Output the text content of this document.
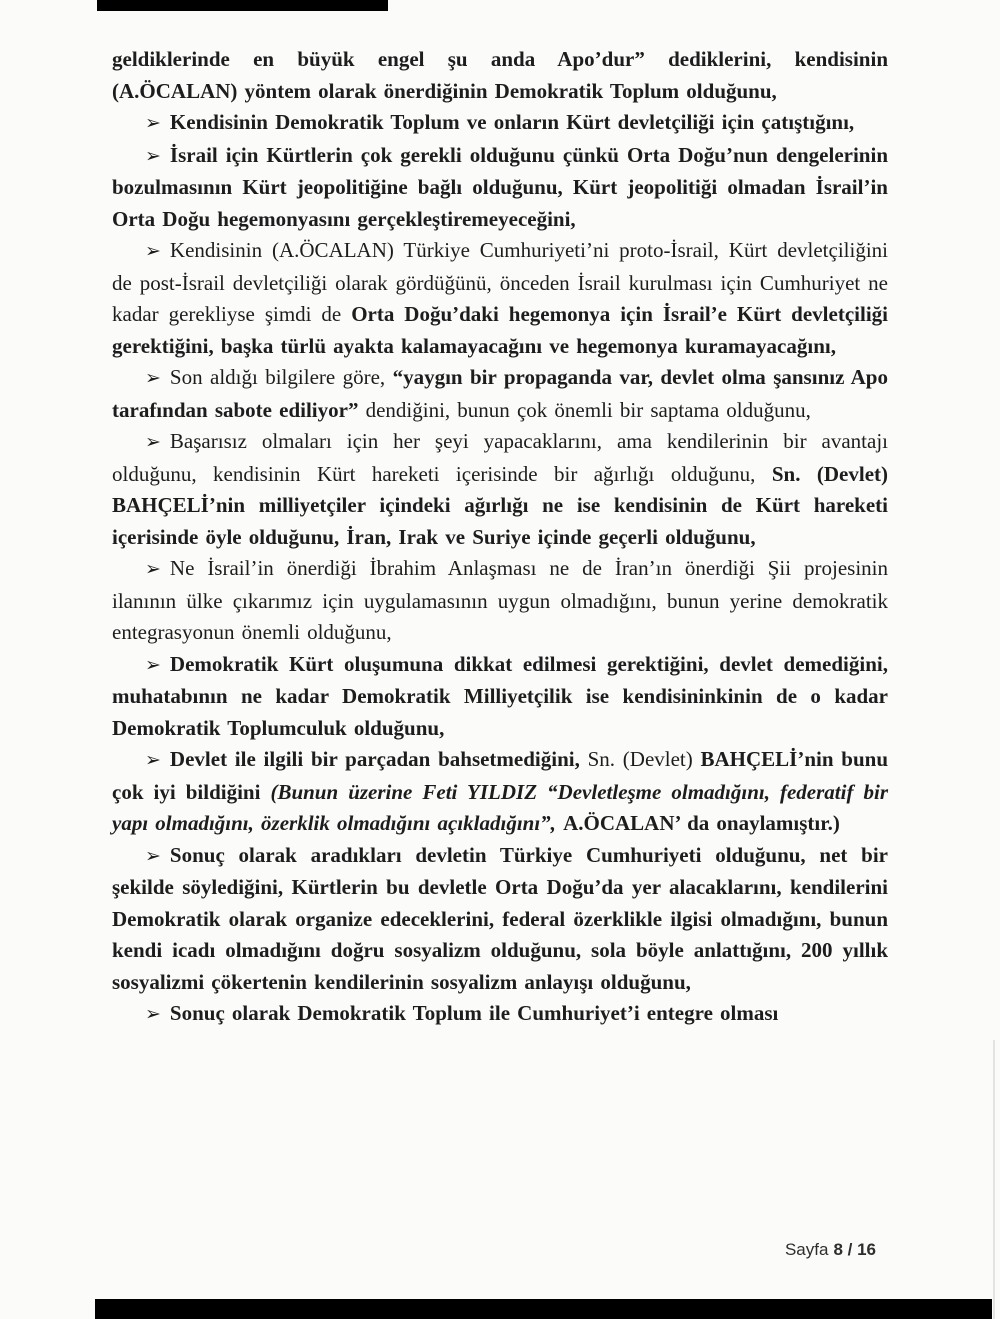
geldiklerinde en büyük engel şu anda Apo’dur” dediklerini, kendisinin (A.ÖCALAN) yöntem olarak önerdiğinin Demokratik Toplum olduğunu,

➢ Kendisinin Demokratik Toplum ve onların Kürt devletçiliği için çatıştığını,

➢ İsrail için Kürtlerin çok gerekli olduğunu çünkü Orta Doğu’nun dengelerinin bozulmasının Kürt jeopolitiğine bağlı olduğunu, Kürt jeopolitiği olmadan İsrail’in Orta Doğu hegemonyasını gerçekleştiremeyeceğini,

➢ Kendisinin (A.ÖCALAN) Türkiye Cumhuriyeti’ni proto-İsrail, Kürt devletçiliğini de post-İsrail devletçiliği olarak gördüğünü, önceden İsrail kurulması için Cumhuriyet ne kadar gerekliyse şimdi de Orta Doğu’daki hegemonya için İsrail’e Kürt devletçiliği gerektiğini, başka türlü ayakta kalamayacağını ve hegemonya kuramayacağını,

➢ Son aldığı bilgilere göre, “yaygın bir propaganda var, devlet olma şansınız Apo tarafından sabote ediliyor” dendiğini, bunun çok önemli bir saptama olduğunu,

➢ Başarısız olmaları için her şeyi yapacaklarını, ama kendilerinin bir avantajı olduğunu, kendisinin Kürt hareketi içerisinde bir ağırlığı olduğunu, Sn. (Devlet) BAHÇELİ’nin milliyetçiler içindeki ağırlığı ne ise kendisinin de Kürt hareketi içerisinde öyle olduğunu, İran, Irak ve Suriye içinde geçerli olduğunu,

➢ Ne İsrail’in önerdiği İbrahim Anlaşması ne de İran’ın önerdiği Şii projesinin ilanının ülke çıkarımız için uygulamasının uygun olmadığını, bunun yerine demokratik entegrasyonun önemli olduğunu,

➢ Demokratik Kürt oluşumuna dikkat edilmesi gerektiğini, devlet demediğini, muhatabının ne kadar Demokratik Milliyetçilik ise kendisininkinin de o kadar Demokratik Toplumculuk olduğunu,

➢ Devlet ile ilgili bir parçadan bahsetmediğini, Sn. (Devlet) BAHÇELİ’nin bunu çok iyi bildiğini (Bunun üzerine Feti YILDIZ “Devletleşme olmadığını, federatif bir yapı olmadığını, özerklik olmadığını açıkladığını”, A.ÖCALAN’ da onaylamıştır.)

➢ Sonuç olarak aradıkları devletin Türkiye Cumhuriyeti olduğunu, net bir şekilde söylediğini, Kürtlerin bu devletle Orta Doğu’da yer alacaklarını, kendilerini Demokratik olarak organize edeceklerini, federal özerklikle ilgisi olmadığını, bunun kendi icadı olmadığını doğru sosyalizm olduğunu, sola böyle anlattığını, 200 yıllık sosyalizmi çökertenin kendilerinin sosyalizm anlayışı olduğunu,

➢ Sonuç olarak Demokratik Toplum ile Cumhuriyet’i entegre olması

Sayfa 8 / 16
